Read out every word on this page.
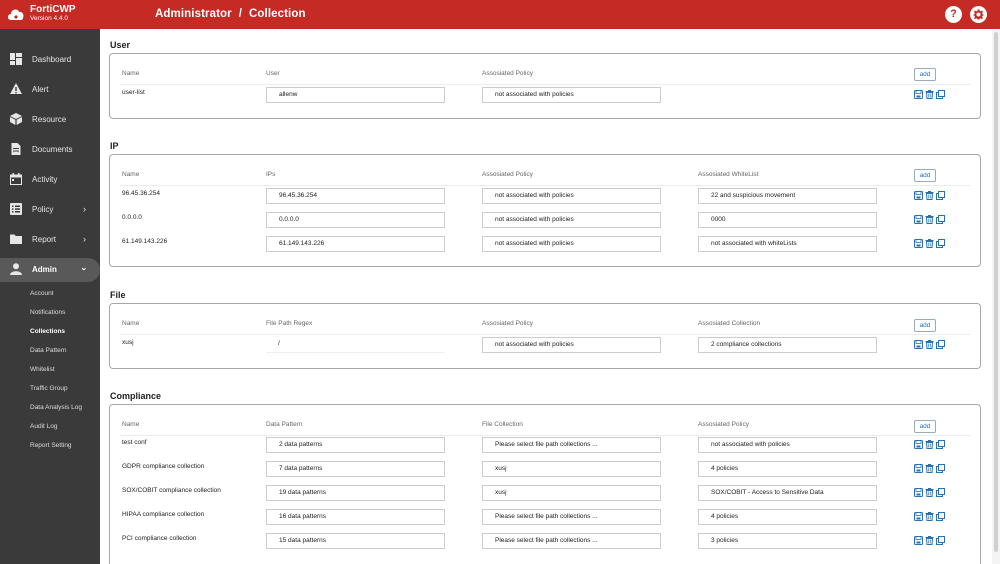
FortiCWP
Version 4.4.0	Administrator / Collection	?
Dashboard
Alert
Resource
Documents
Activity
Policy	›
Report	›
Admin	›
Account
Notifications
Collections
Data Pattern
Whitelist
Traffic Group
Data Analysis Log
Audit Log
Report Setting
User
Name	User	Assosiated Policy	add
user-list	allenw	not associated with policies
IP
Name	IPs	Assosiated Policy	Assosiated WhiteList	add
96.45.36.254	96.45.36.254	not associated with policies	22 and suspicious movement
0.0.0.0	0.0.0.0	not associated with policies	0000
61.149.143.226	61.149.143.226	not associated with policies	not associated with whiteLists
File
Name	File Path Regex	Assosiated Policy	Assosiated Collection	add
xusj	/	not associated with policies	2 compliance collections
Compliance
Name	Data Pattern	File Collection	Assosiated Policy	add
test conf	2 data patterns	Please select file path collections ...	not associated with policies
GDPR compliance collection	7 data patterns	xusj	4 policies
SOX/COBIT compliance collection	19 data patterns	xusj	SOX/COBIT - Access to Sensitive Data
HIPAA compliance collection	16 data patterns	Please select file path collections ...	4 policies
PCI compliance collection	15 data patterns	Please select file path collections ...	3 policies
